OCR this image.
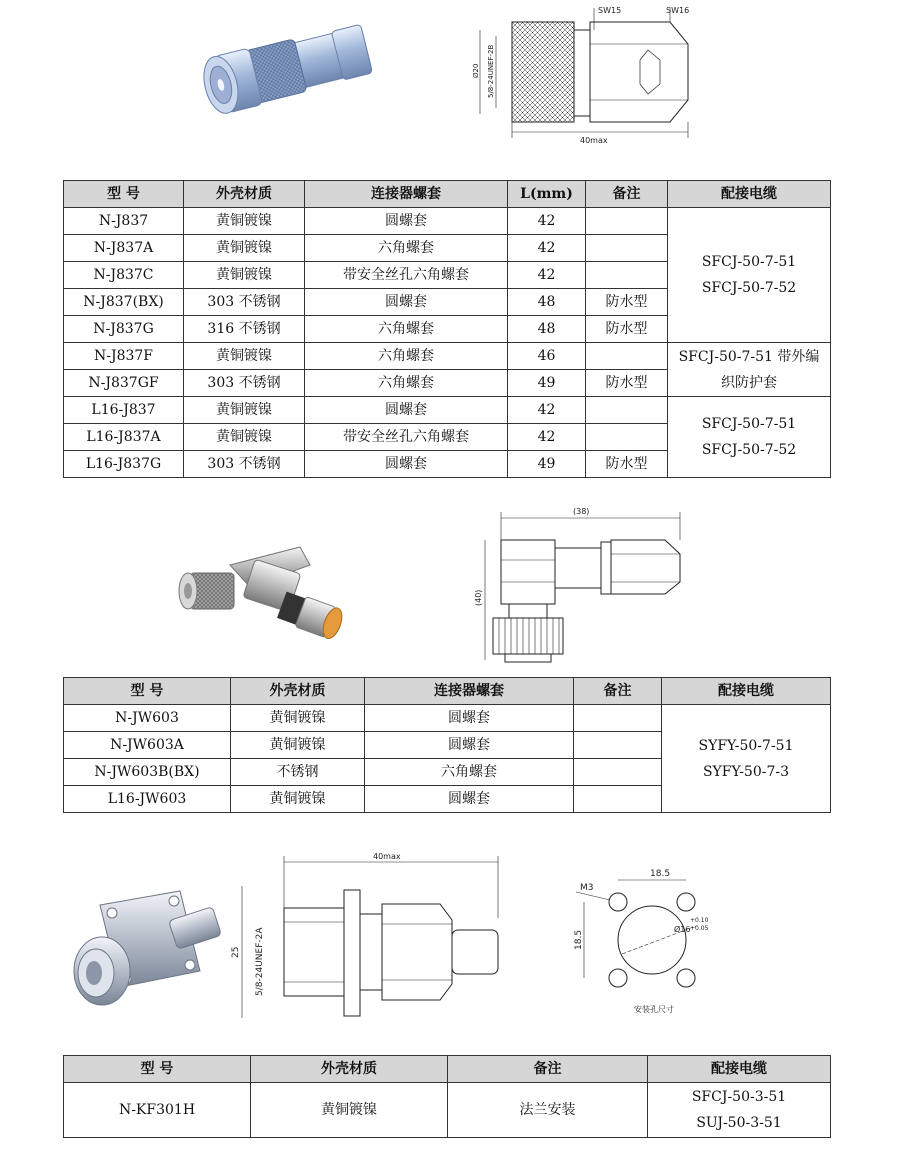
SW15	SW16
Ø20 5/8-24UNEF-2B
40max
型 号	外壳材质	连接器螺套	L(mm)	备注	配接电缆
N-J837	黄铜镀镍	圆螺套	42		SFCJ-50-7-51
SFCJ-50-7-52

N-J837A	黄铜镀镍	六角螺套	42		
N-J837C	黄铜镀镍	带安全丝孔六角螺套	42		
N-J837(BX)	303 不锈钢	圆螺套	48	防水型	
N-J837G	316 不锈钢	六角螺套	48	防水型	
N-J837F	黄铜镀镍	六角螺套	46		SFCJ-50-7-51 带外编
织防护套

N-J837GF	303 不锈钢	六角螺套	49	防水型	
L16-J837	黄铜镀镍	圆螺套	42		SFCJ-50-7-51
SFCJ-50-7-52

L16-J837A	黄铜镀镍	带安全丝孔六角螺套	42		
L16-J837G	303 不锈钢	圆螺套	49	防水型	
(38)
(40)
型 号	外壳材质	连接器螺套	备注	配接电缆
N-JW603	黄铜镀镍	圆螺套		SYFY-50-7-51
SYFY-50-7-3

N-JW603A	黄铜镀镍	圆螺套		
N-JW603B(BX)	不锈钢	六角螺套		
L16-JW603	黄铜镀镍	圆螺套		
40max
25 5/8-24UNEF-2A
18.5
18.5
M3
Ø16
+0.10
+0.05
安装孔尺寸
型 号	外壳材质	备注	配接电缆
N-KF301H	黄铜镀镍	法兰安装	SFCJ-50-3-51
SUJ-50-3-51
